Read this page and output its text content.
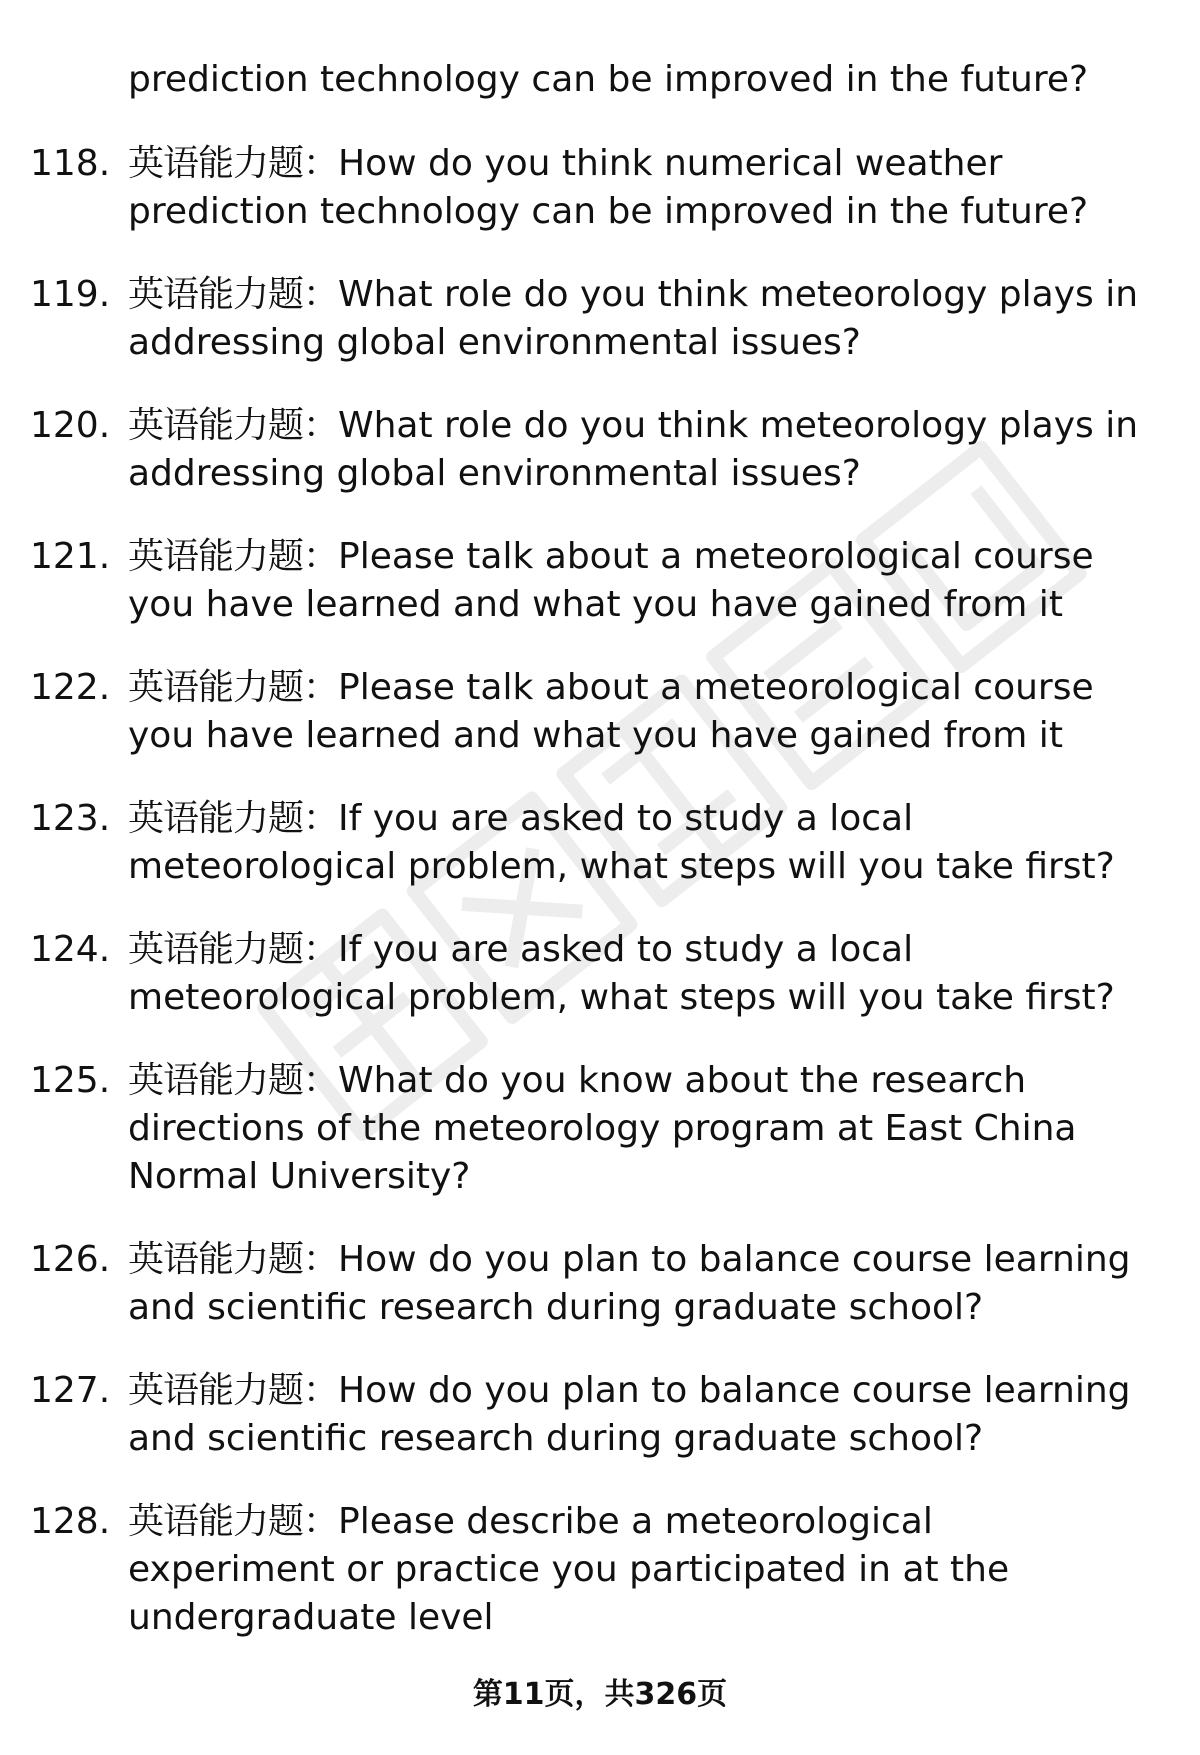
prediction technology can be improved in the future?
118. 英语能力题：How do you think numerical weather prediction technology can be improved in the future?
119. 英语能力题：What role do you think meteorology plays in addressing global environmental issues?
120. 英语能力题：What role do you think meteorology plays in addressing global environmental issues?
121. 英语能力题：Please talk about a meteorological course you have learned and what you have gained from it
122. 英语能力题：Please talk about a meteorological course you have learned and what you have gained from it
123. 英语能力题：If you are asked to study a local meteorological problem, what steps will you take first?
124. 英语能力题：If you are asked to study a local meteorological problem, what steps will you take first?
125. 英语能力题：What do you know about the research directions of the meteorology program at East China Normal University?
126. 英语能力题：How do you plan to balance course learning and scientific research during graduate school?
127. 英语能力题：How do you plan to balance course learning and scientific research during graduate school?
128. 英语能力题：Please describe a meteorological experiment or practice you participated in at the undergraduate level
第11页，共326页
